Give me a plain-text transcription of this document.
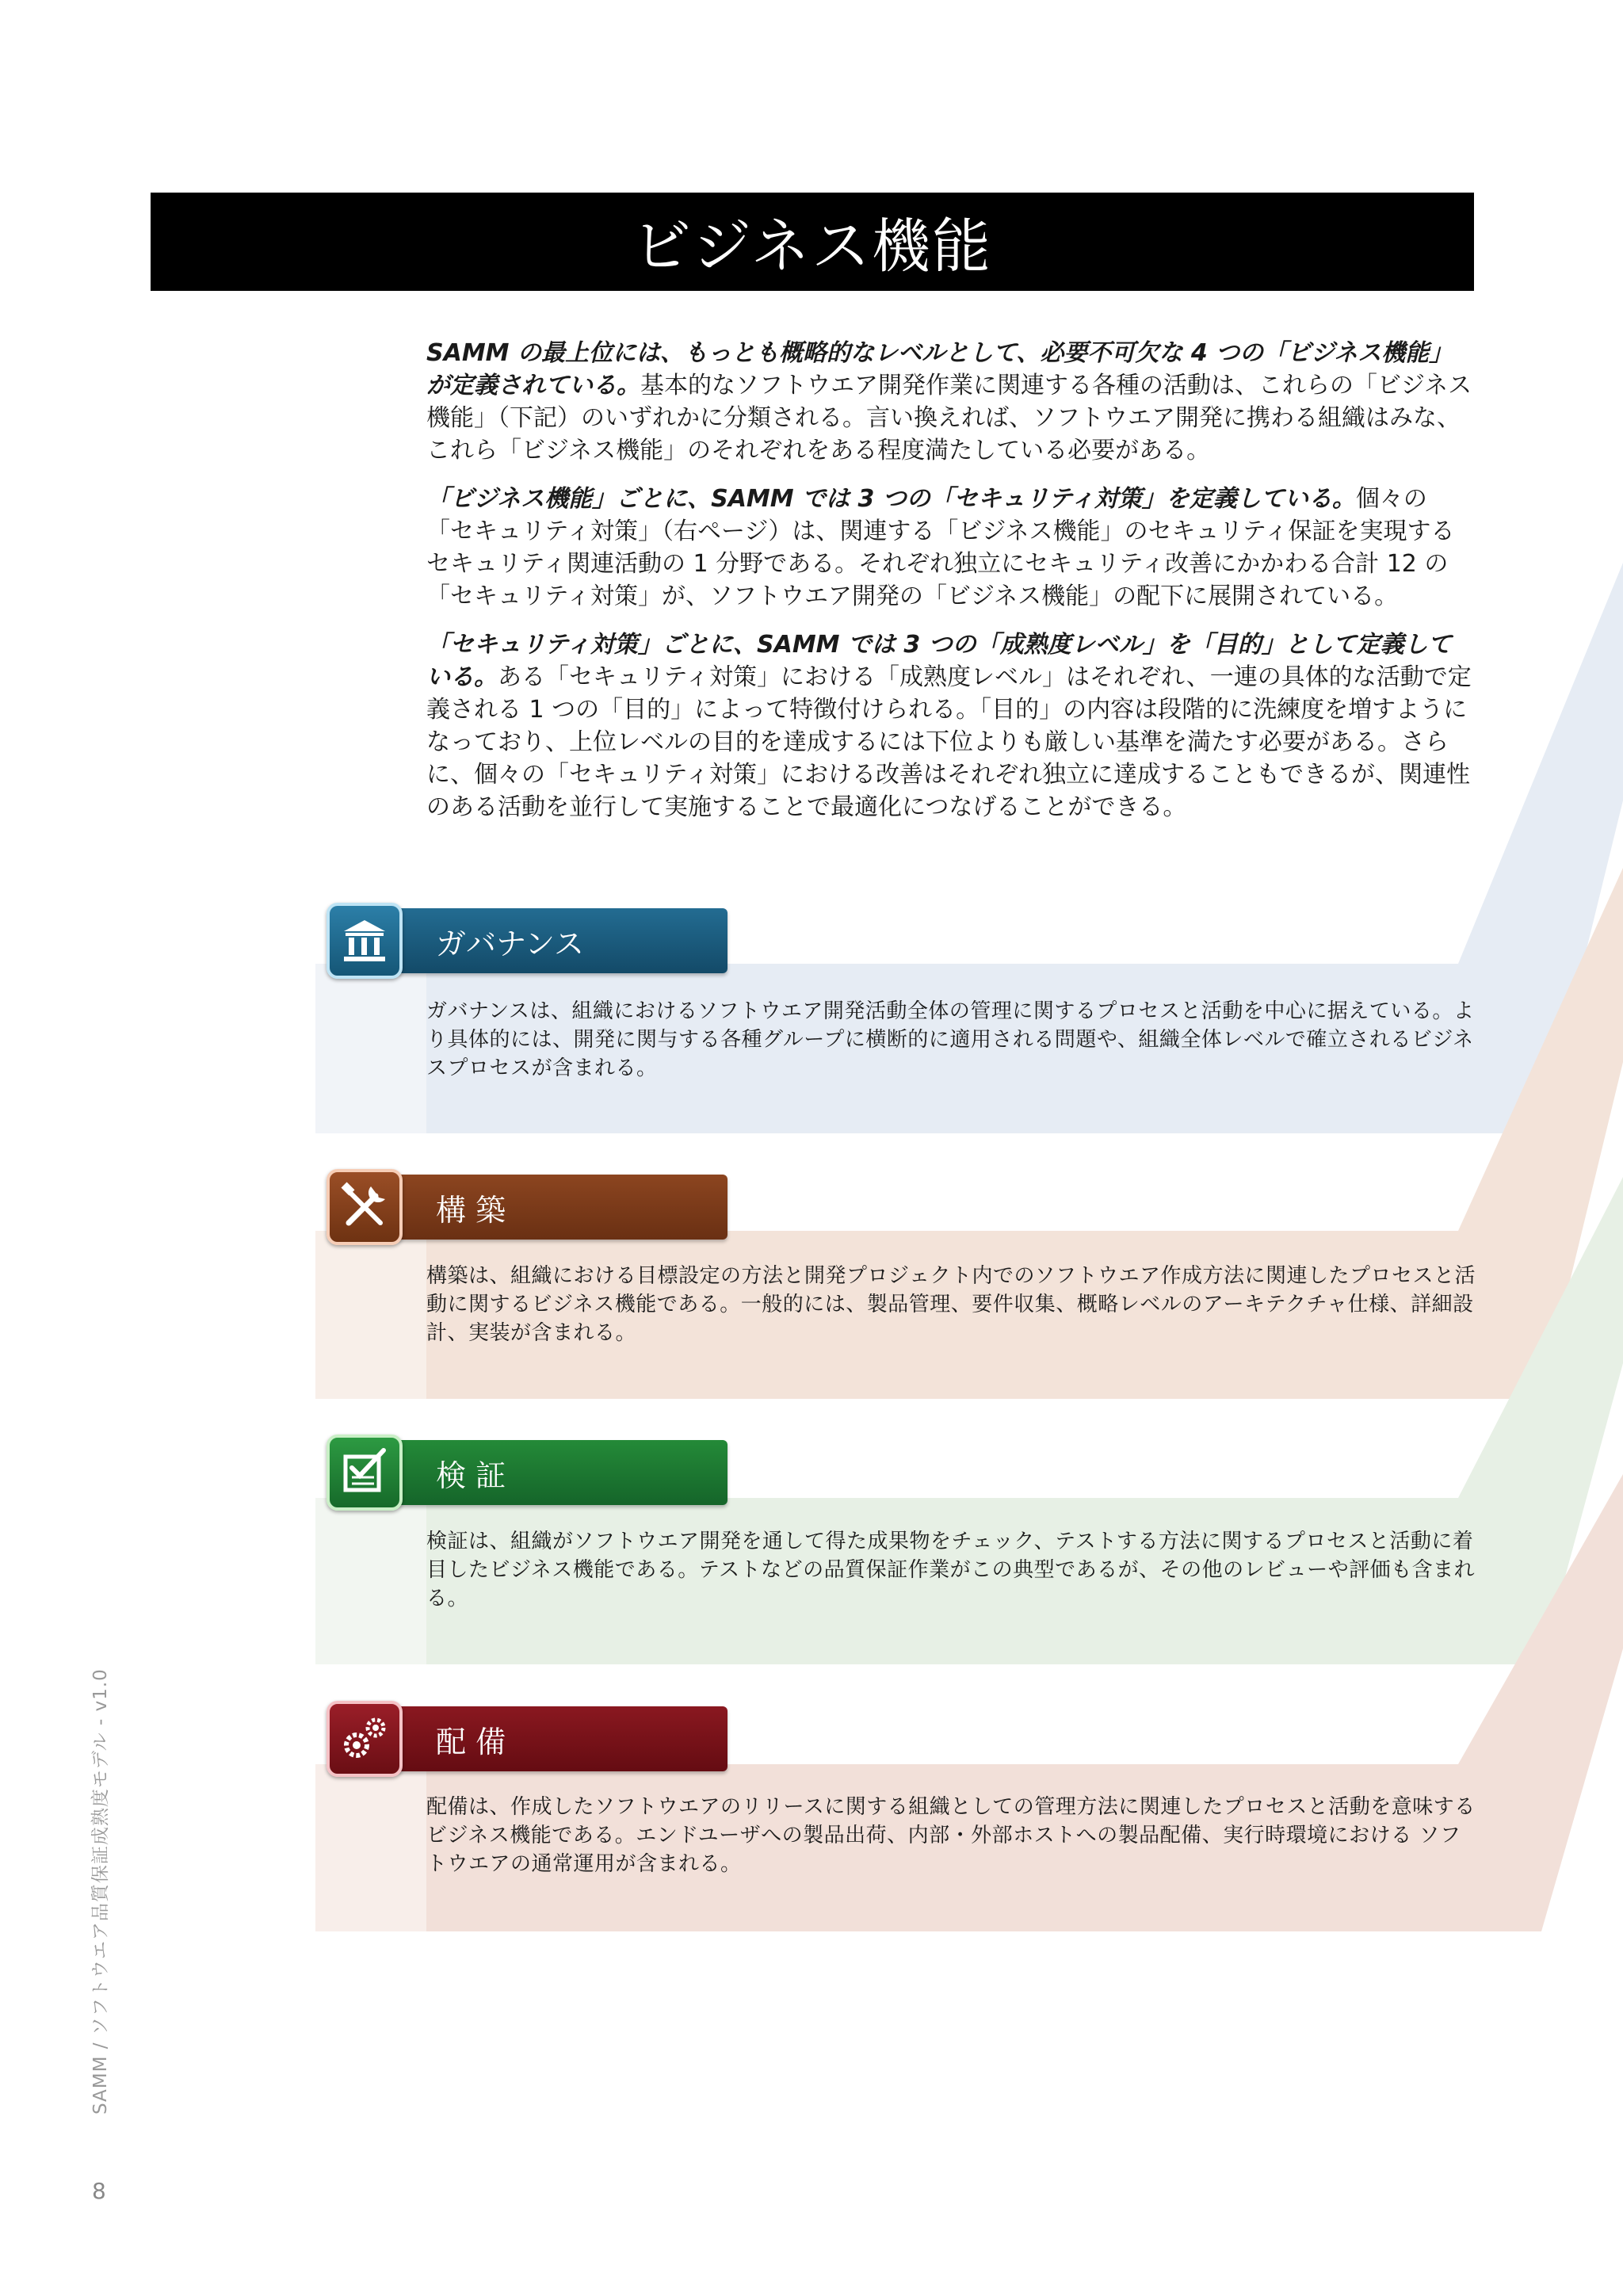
ビジネス機能

SAMM の最上位には、もっとも概略的なレベルとして、必要不可欠な 4 つの「ビジネス機能」が定義されている。基本的なソフトウエア開発作業に関連する各種の活動は、これらの「ビジネス機能」（下記）のいずれかに分類される。言い換えれば、ソフトウエア開発に携わる組織はみな、これら「ビジネス機能」のそれぞれをある程度満たしている必要がある。

「ビジネス機能」ごとに、SAMM では 3 つの「セキュリティ対策」を定義している。個々の「セキュリティ対策」（右ページ）は、関連する「ビジネス機能」のセキュリティ保証を実現するセキュリティ関連活動の 1 分野である。それぞれ独立にセキュリティ改善にかかわる合計 12 の「セキュリティ対策」が、ソフトウエア開発の「ビジネス機能」の配下に展開されている。

「セキュリティ対策」ごとに、SAMM では 3 つの「成熟度レベル」を「目的」として定義している。ある「セキュリティ対策」における「成熟度レベル」はそれぞれ、一連の具体的な活動で定義される 1 つの「目的」によって特徴付けられる。「目的」の内容は段階的に洗練度を増すようになっており、上位レベルの目的を達成するには下位よりも厳しい基準を満たす必要がある。さらに、個々の「セキュリティ対策」における改善はそれぞれ独立に達成することもできるが、関連性のある活動を並行して実施することで最適化につなげることができる。

ガバナンス
ガバナンスは、組織におけるソフトウエア開発活動全体の管理に関するプロセスと活動を中心に据えている。より具体的には、開発に関与する各種グループに横断的に適用される問題や、組織全体レベルで確立されるビジネスプロセスが含まれる。
構 築
構築は、組織における目標設定の方法と開発プロジェクト内でのソフトウエア作成方法に関連したプロセスと活動に関するビジネス機能である。一般的には、製品管理、要件収集、概略レベルのアーキテクチャ仕様、詳細設計、実装が含まれる。
検 証
検証は、組織がソフトウエア開発を通して得た成果物をチェック、テストする方法に関するプロセスと活動に着目したビジネス機能である。テストなどの品質保証作業がこの典型であるが、その他のレビューや評価も含まれる。
配 備
配備は、作成したソフトウエアのリリースに関する組織としての管理方法に関連したプロセスと活動を意味するビジネス機能である。エンドユーザへの製品出荷、内部・外部ホストへの製品配備、実行時環境における ソフトウエアの通常運用が含まれる。
SAMM / ソフトウエア品質保証成熟度モデル - v1.0
8
